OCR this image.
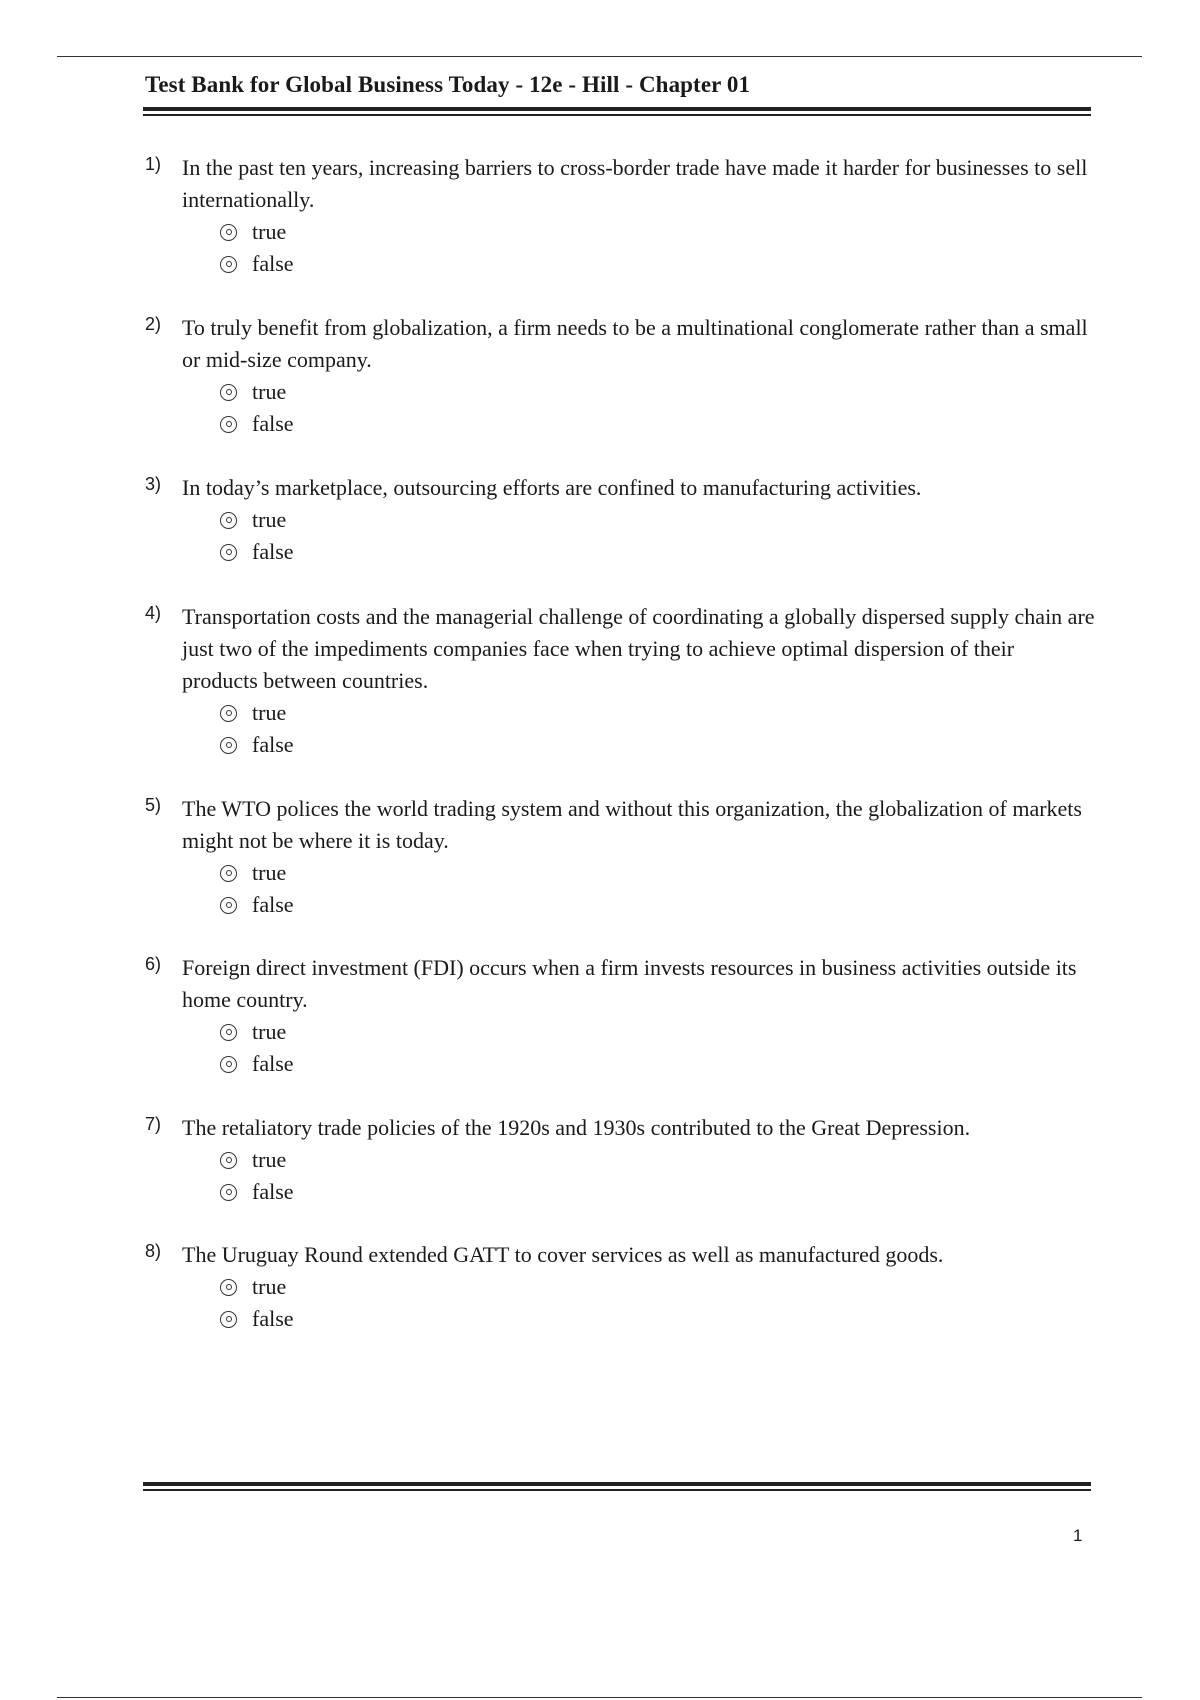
Test Bank for Global Business Today - 12e - Hill - Chapter 01
1) In the past ten years, increasing barriers to cross-border trade have made it harder for businesses to sell internationally.
true
false
2) To truly benefit from globalization, a firm needs to be a multinational conglomerate rather than a small or mid-size company.
true
false
3) In today’s marketplace, outsourcing efforts are confined to manufacturing activities.
true
false
4) Transportation costs and the managerial challenge of coordinating a globally dispersed supply chain are just two of the impediments companies face when trying to achieve optimal dispersion of their products between countries.
true
false
5) The WTO polices the world trading system and without this organization, the globalization of markets might not be where it is today.
true
false
6) Foreign direct investment (FDI) occurs when a firm invests resources in business activities outside its home country.
true
false
7) The retaliatory trade policies of the 1920s and 1930s contributed to the Great Depression.
true
false
8) The Uruguay Round extended GATT to cover services as well as manufactured goods.
true
false
1
